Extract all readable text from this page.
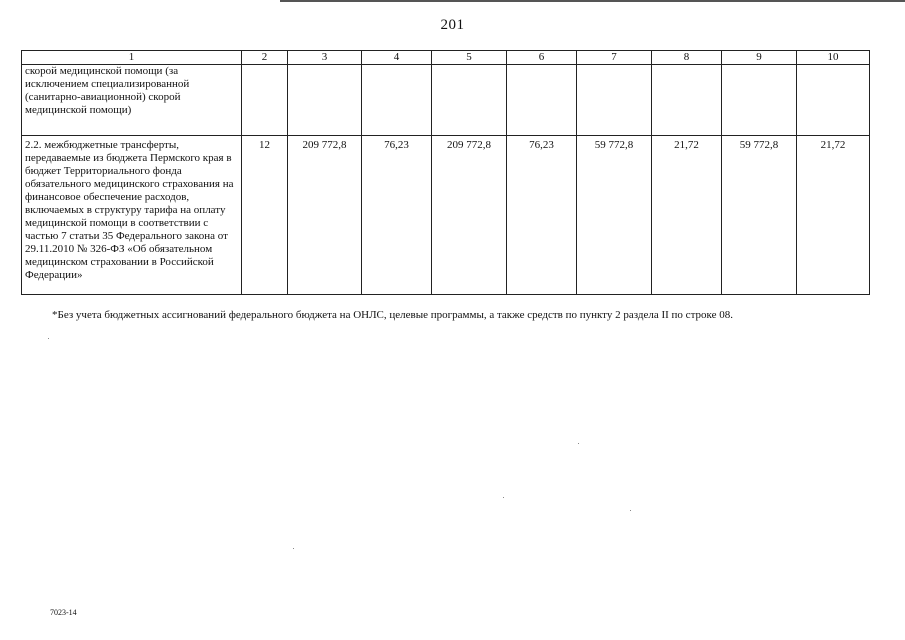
201
1	2	3	4	5	6	7	8	9	10
скорой медицинской помощи (за исключением специализированной (санитарно-авиационной) скорой медицинской помощи)									
2.2. межбюджетные трансферты, передаваемые из бюджета Пермского края в бюджет Территориального фонда обязательного медицинского страхования на финансовое обеспечение расходов, включаемых в структуру тарифа на оплату медицинской помощи в соответствии с частью 7 статьи 35 Федерального закона от 29.11.2010 № 326-ФЗ «Об обязательном медицинском страховании в Российской Федерации»	12	209 772,8	76,23	209 772,8	76,23	59 772,8	21,72	59 772,8	21,72
*Без учета бюджетных ассигнований федерального бюджета на ОНЛС, целевые программы, а также средств по пункту 2 раздела II по строке 08.
7023-14
